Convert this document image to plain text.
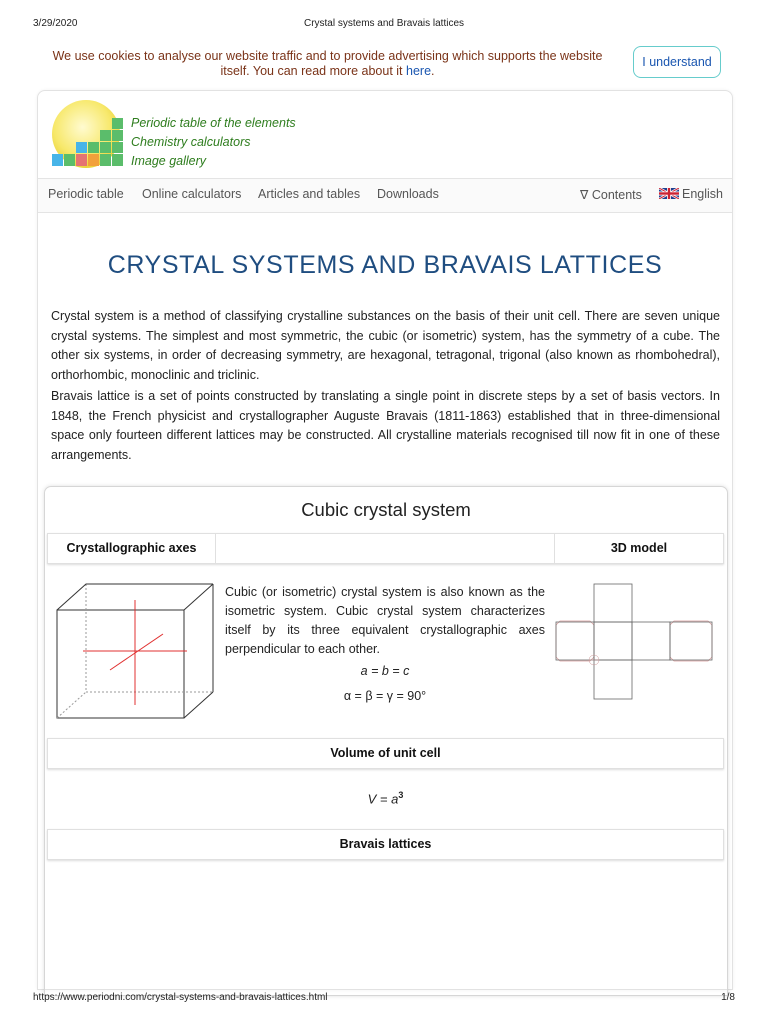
3/29/2020	Crystal systems and Bravais lattices
We use cookies to analyse our website traffic and to provide advertising which supports the website itself. You can read more about it here.
I understand
Periodic table of the elements
Chemistry calculators
Image gallery
Periodic table Online calculators Articles and tables Downloads	∇ Contents	English
CRYSTAL SYSTEMS AND BRAVAIS LATTICES

Crystal system is a method of classifying crystalline substances on the basis of their unit cell. There are seven unique crystal systems. The simplest and most symmetric, the cubic (or isometric) system, has the symmetry of a cube. The other six systems, in order of decreasing symmetry, are hexagonal, tetragonal, trigonal (also known as rhombohedral), orthorhombic, monoclinic and triclinic.

Bravais lattice is a set of points constructed by translating a single point in discrete steps by a set of basis vectors. In 1848, the French physicist and crystallographer Auguste Bravais (1811-1863) established that in three-dimensional space only fourteen different lattices may be constructed. All crystalline materials recognised till now fit in one of these arrangements.

Cubic crystal system
Crystallographic axes	3D model
Cubic (or isometric) crystal system is also known as the isometric system. Cubic crystal system characterizes itself by its three equivalent crystallographic axes perpendicular to each other.
a = b = c
α = β = γ = 90°
Volume of unit cell
$V = a^3$
Bravais lattices
https://www.periodni.com/crystal-systems-and-bravais-lattices.html	1/8
